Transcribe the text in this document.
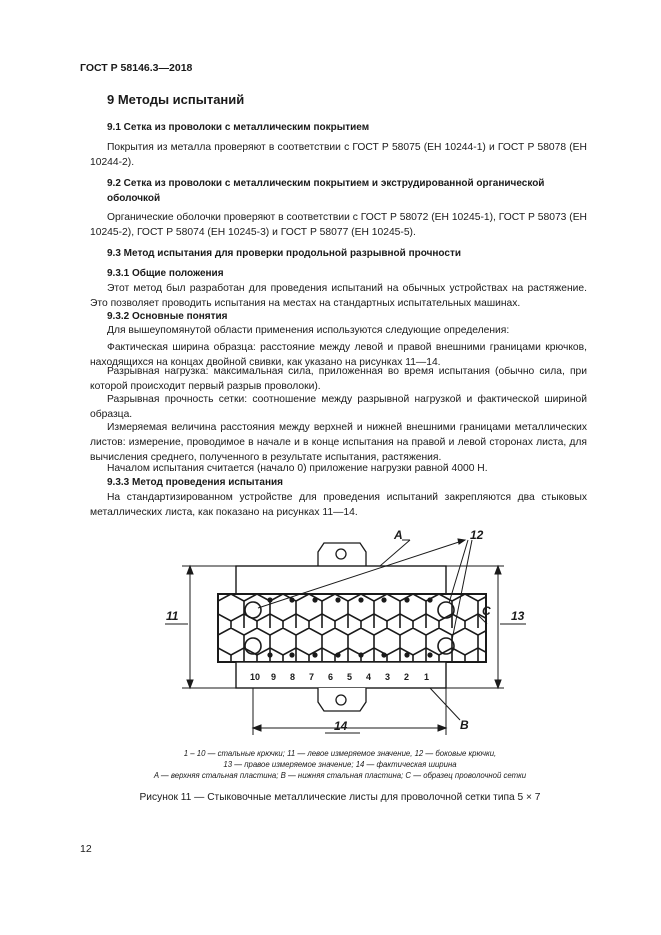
ГОСТ Р 58146.3—2018
9 Методы испытаний
9.1 Сетка из проволоки с металлическим покрытием
Покрытия из металла проверяют в соответствии с ГОСТ Р 58075 (ЕН 10244-1) и ГОСТ Р 58078 (ЕН 10244-2).
9.2 Сетка из проволоки с металлическим покрытием и экструдированной органической оболочкой
Органические оболочки проверяют в соответствии с ГОСТ Р 58072 (ЕН 10245-1), ГОСТ Р 58073 (ЕН 10245-2), ГОСТ Р 58074 (ЕН 10245-3) и ГОСТ Р 58077 (ЕН 10245-5).
9.3 Метод испытания для проверки продольной разрывной прочности
9.3.1 Общие положения
Этот метод был разработан для проведения испытаний на обычных устройствах на растяжение. Это позволяет проводить испытания на местах на стандартных испытательных машинах.
9.3.2 Основные понятия
Для вышеупомянутой области применения используются следующие определения:
Фактическая ширина образца: расстояние между левой и правой внешними границами крючков, находящихся на концах двойной свивки, как указано на рисунках 11—14.
Разрывная нагрузка: максимальная сила, приложенная во время испытания (обычно сила, при которой происходит первый разрыв проволоки).
Разрывная прочность сетки: соотношение между разрывной нагрузкой и фактической шириной образца.
Измеряемая величина расстояния между верхней и нижней внешними границами металлических листов: измерение, проводимое в начале и в конце испытания на правой и левой сторонах листа, для вычисления среднего, полученного в результате испытания, растяжения.
Началом испытания считается (начало 0) приложение нагрузки равной 4000 Н.
9.3.3 Метод проведения испытания
На стандартизированном устройстве для проведения испытаний закрепляются два стыковых металлических листа, как показано на рисунках 11—14.
A	12
C
11	13
14	B
10 9 8 7 6 5 4 3 2 1
1 – 10 — стальные крючки; 11 — левое измеряемое значение, 12 — боковые крючки,
13 — правое измеряемое значение; 14 — фактическая ширина
A — верхняя стальная пластина; B — нижняя стальная пластина; C — образец проволочной сетки
Рисунок 11 — Стыковочные металлические листы для проволочной сетки типа 5 × 7
12
